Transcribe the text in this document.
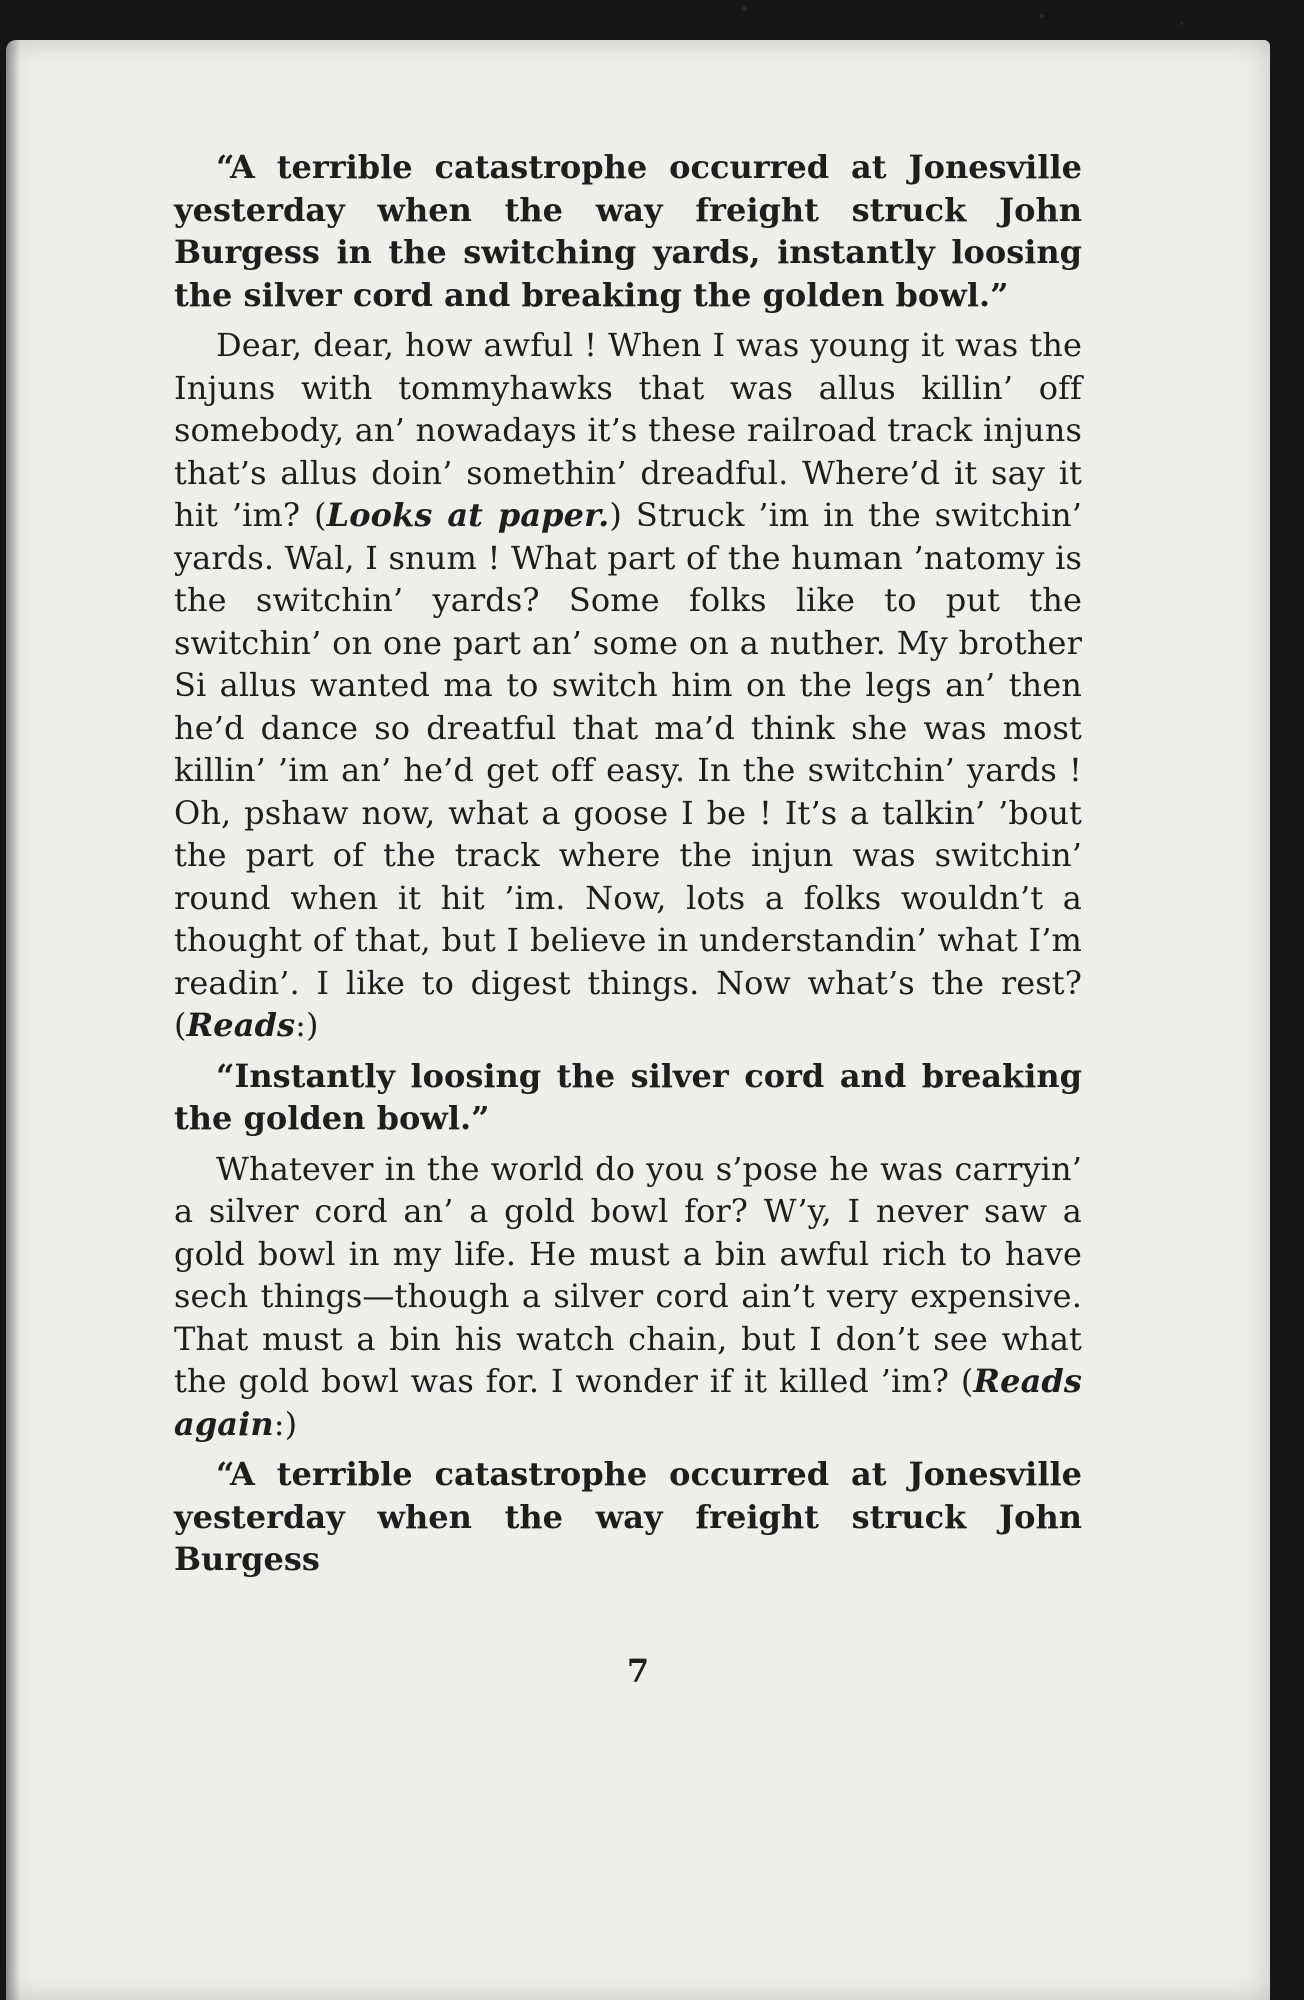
“A terrible catastrophe occurred at Jonesville yesterday when the way freight struck John Burgess in the switching yards, instantly loosing the silver cord and breaking the golden bowl.”

Dear, dear, how awful ! When I was young it was the Injuns with tommyhawks that was allus killin’ off somebody, an’ nowadays it’s these railroad track injuns that’s allus doin’ somethin’ dreadful. Where’d it say it hit ’im? (Looks at paper.) Struck ’im in the switchin’ yards. Wal, I snum ! What part of the human ’natomy is the switchin’ yards? Some folks like to put the switchin’ on one part an’ some on a nuther. My brother Si allus wanted ma to switch him on the legs an’ then he’d dance so dreatful that ma’d think she was most killin’ ’im an’ he’d get off easy. In the switchin’ yards ! Oh, pshaw now, what a goose I be ! It’s a talkin’ ’bout the part of the track where the injun was switchin’ round when it hit ’im. Now, lots a folks wouldn’t a thought of that, but I believe in understandin’ what I’m readin’. I like to digest things. Now what’s the rest? (Reads:)

“Instantly loosing the silver cord and breaking the golden bowl.”

Whatever in the world do you s’pose he was carryin’ a silver cord an’ a gold bowl for? W’y, I never saw a gold bowl in my life. He must a bin awful rich to have sech things—though a silver cord ain’t very expensive. That must a bin his watch chain, but I don’t see what the gold bowl was for. I wonder if it killed ’im? (Reads again:)

“A terrible catastrophe occurred at Jonesville yesterday when the way freight struck John Burgess

7
